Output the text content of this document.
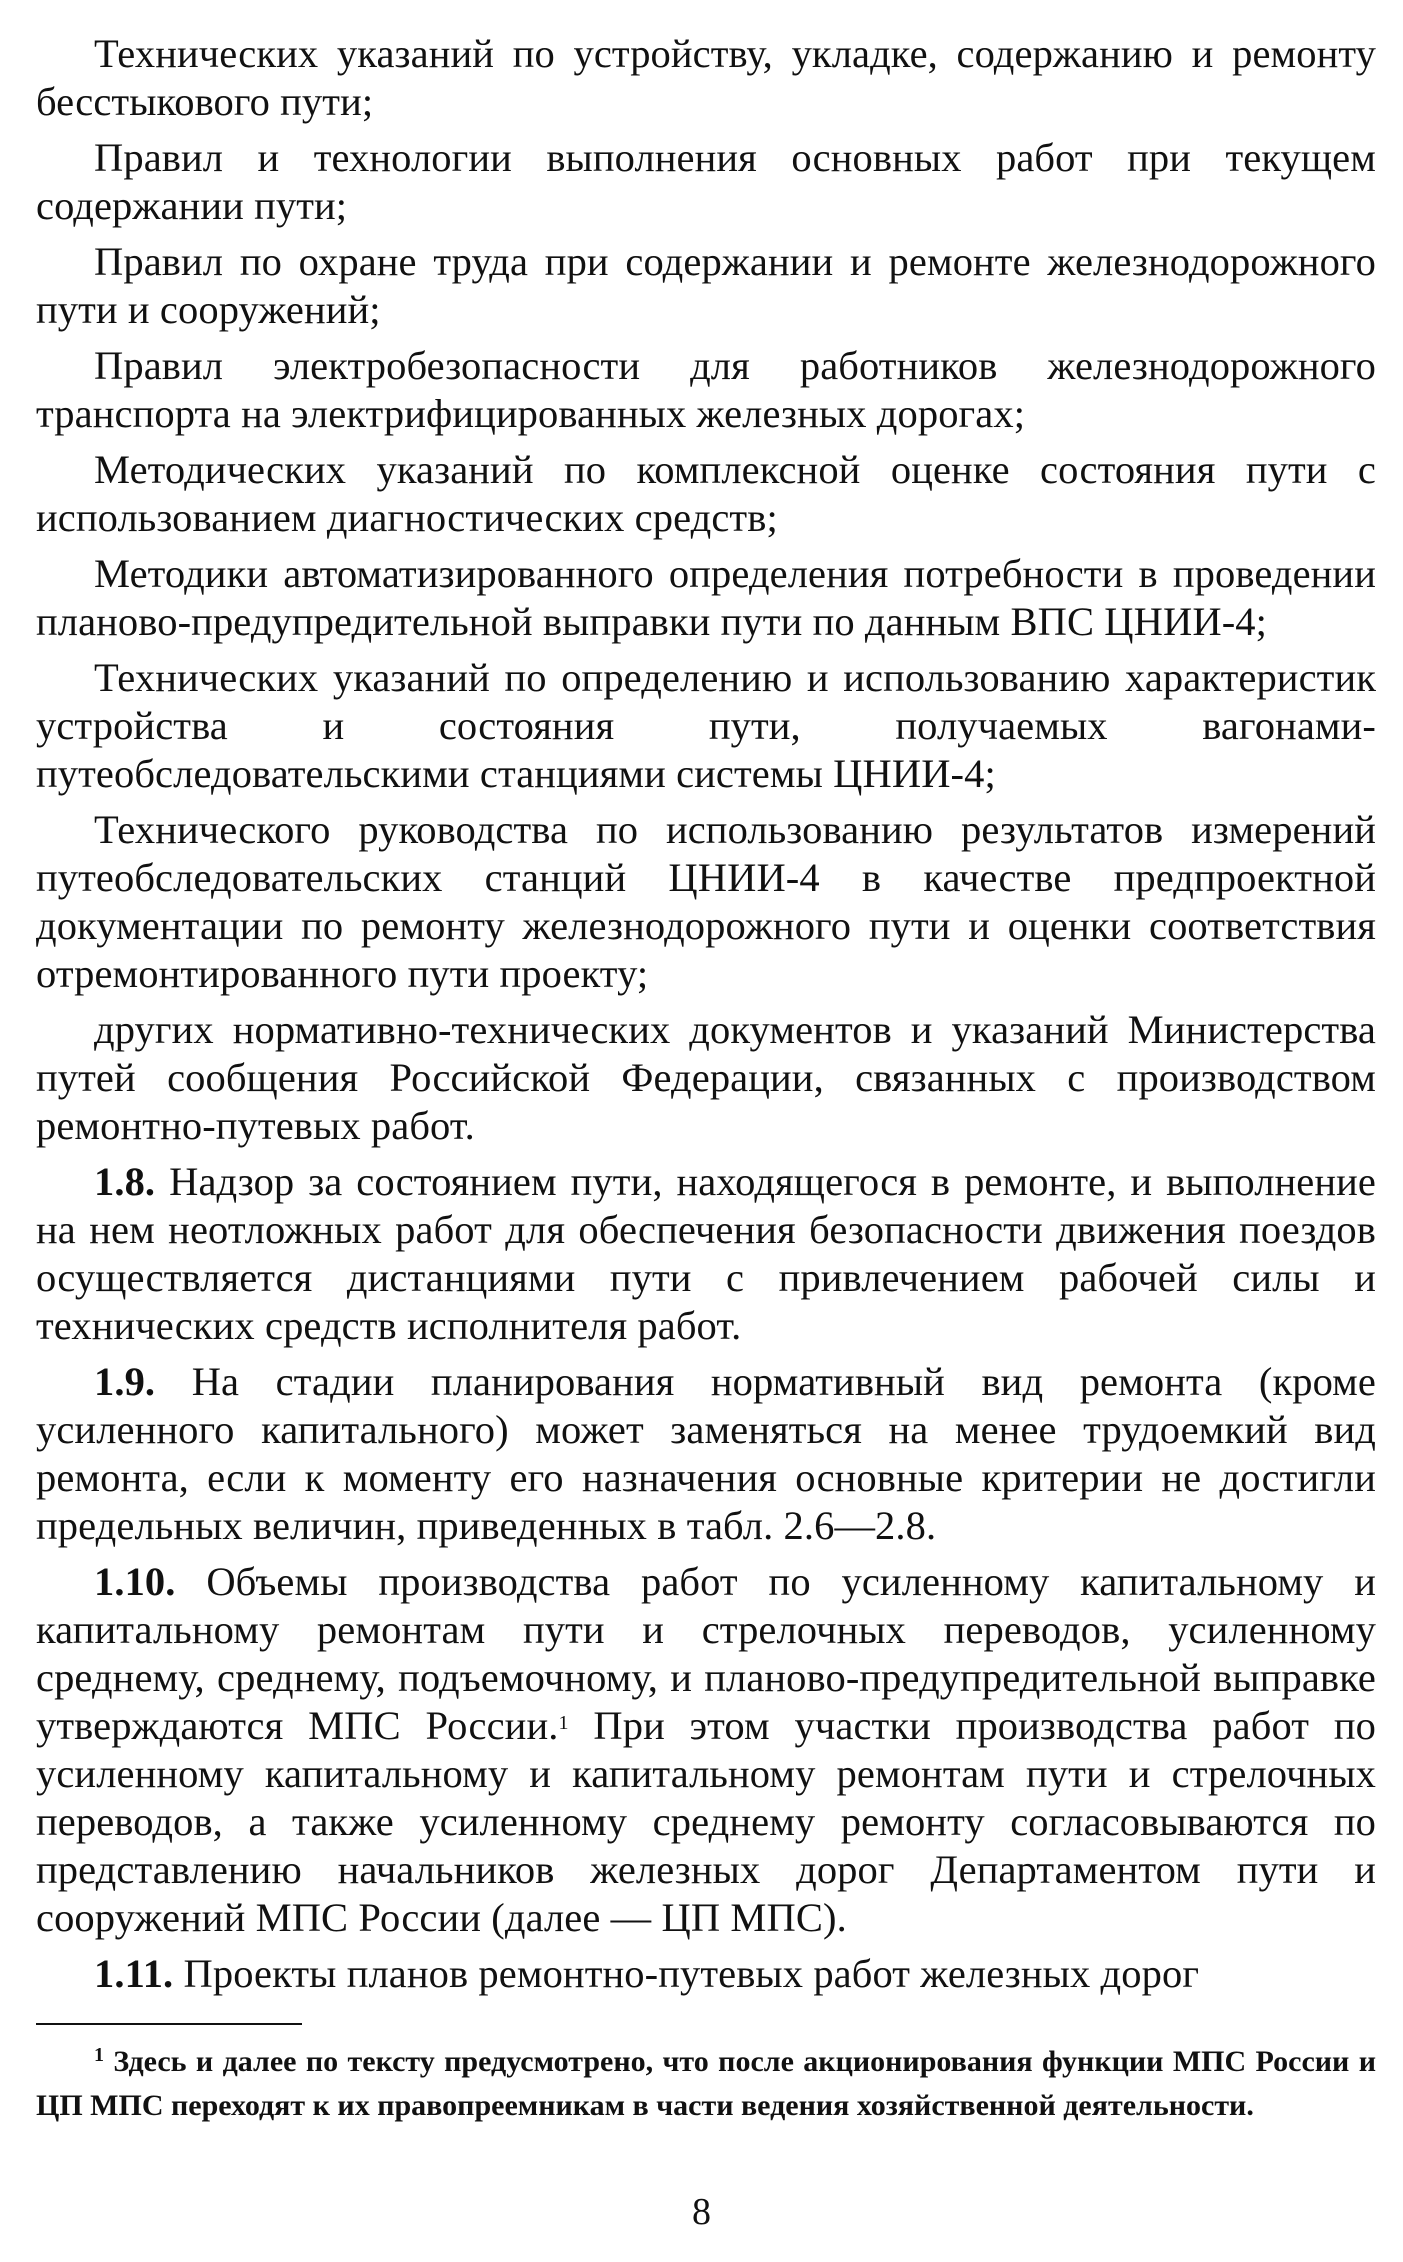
Технических указаний по устройству, укладке, содержанию и ремонту бесстыкового пути;

Правил и технологии выполнения основных работ при текущем содержании пути;

Правил по охране труда при содержании и ремонте железнодорожного пути и сооружений;

Правил электробезопасности для работников железнодорожного транспорта на электрифицированных железных дорогах;

Методических указаний по комплексной оценке состояния пути с использованием диагностических средств;

Методики автоматизированного определения потребности в проведении планово-предупредительной выправки пути по данным ВПС ЦНИИ-4;

Технических указаний по определению и использованию характеристик устройства и состояния пути, получаемых вагонами-путеобследовательскими станциями системы ЦНИИ-4;

Технического руководства по использованию результатов измерений путеобследовательских станций ЦНИИ-4 в качестве предпроектной документации по ремонту железнодорожного пути и оценки соответствия отремонтированного пути проекту;

других нормативно-технических документов и указаний Министерства путей сообщения Российской Федерации, связанных с производством ремонтно-путевых работ.

1.8. Надзор за состоянием пути, находящегося в ремонте, и выполнение на нем неотложных работ для обеспечения безопасности движения поездов осуществляется дистанциями пути с привлечением рабочей силы и технических средств исполнителя работ.

1.9. На стадии планирования нормативный вид ремонта (кроме усиленного капитального) может заменяться на менее трудоемкий вид ремонта, если к моменту его назначения основные критерии не достигли предельных величин, приведенных в табл. 2.6—2.8.

1.10. Объемы производства работ по усиленному капитальному и капитальному ремонтам пути и стрелочных переводов, усиленному среднему, среднему, подъемочному, и планово-предупредительной выправке утверждаются МПС России.$^1$ При этом участки производства работ по усиленному капитальному и капитальному ремонтам пути и стрелочных переводов, а также усиленному среднему ремонту согласовываются по представлению начальников железных дорог Департаментом пути и сооружений МПС России (далее — ЦП МПС).

1.11. Проекты планов ремонтно-путевых работ железных дорог

$^1$ Здесь и далее по тексту предусмотрено, что после акционирования функции МПС России и ЦП МПС переходят к их правопреемникам в части ведения хозяйственной деятельности.

8
